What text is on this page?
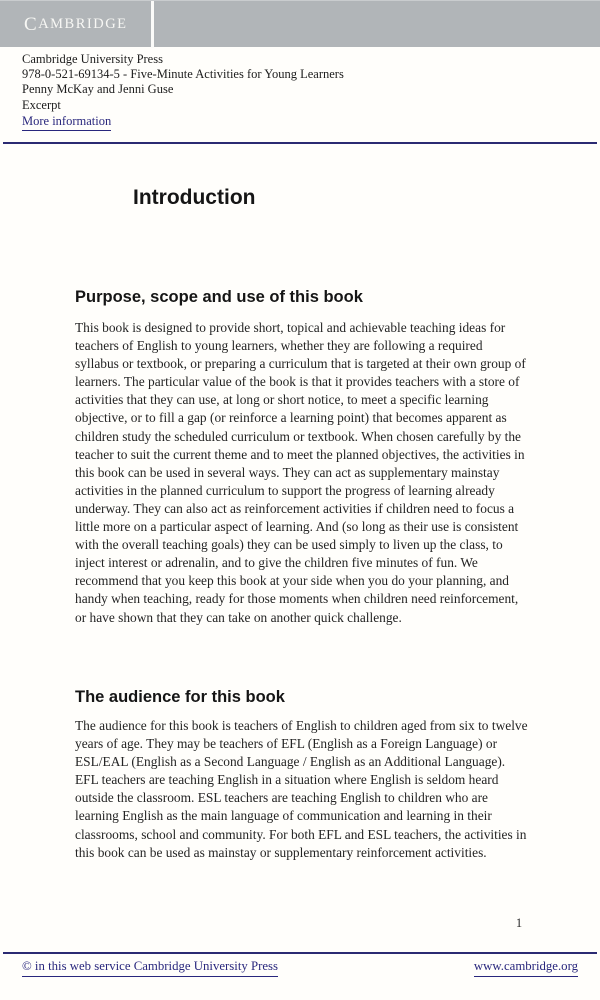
C AMBRIDGE
Cambridge University Press
978-0-521-69134-5 - Five-Minute Activities for Young Learners
Penny McKay and Jenni Guse
Excerpt
More information
Introduction
Purpose, scope and use of this book

This book is designed to provide short, topical and achievable teaching ideas for teachers of English to young learners, whether they are following a required syllabus or textbook, or preparing a curriculum that is targeted at their own group of learners. The particular value of the book is that it provides teachers with a store of activities that they can use, at long or short notice, to meet a specific learning objective, or to fill a gap (or reinforce a learning point) that becomes apparent as children study the scheduled curriculum or textbook. When chosen carefully by the teacher to suit the current theme and to meet the planned objectives, the activities in this book can be used in several ways. They can act as supplementary mainstay activities in the planned curriculum to support the progress of learning already underway. They can also act as reinforcement activities if children need to focus a little more on a particular aspect of learning. And (so long as their use is consistent with the overall teaching goals) they can be used simply to liven up the class, to inject interest or adrenalin, and to give the children five minutes of fun. We recommend that you keep this book at your side when you do your planning, and handy when teaching, ready for those moments when children need reinforcement, or have shown that they can take on another quick challenge.

The audience for this book

The audience for this book is teachers of English to children aged from six to twelve years of age. They may be teachers of EFL (English as a Foreign Language) or ESL/EAL (English as a Second Language / English as an Additional Language). EFL teachers are teaching English in a situation where English is seldom heard outside the classroom. ESL teachers are teaching English to children who are learning English as the main language of communication and learning in their classrooms, school and community. For both EFL and ESL teachers, the activities in this book can be used as mainstay or supplementary reinforcement activities.

1
© in this web service Cambridge University Press	www.cambridge.org
